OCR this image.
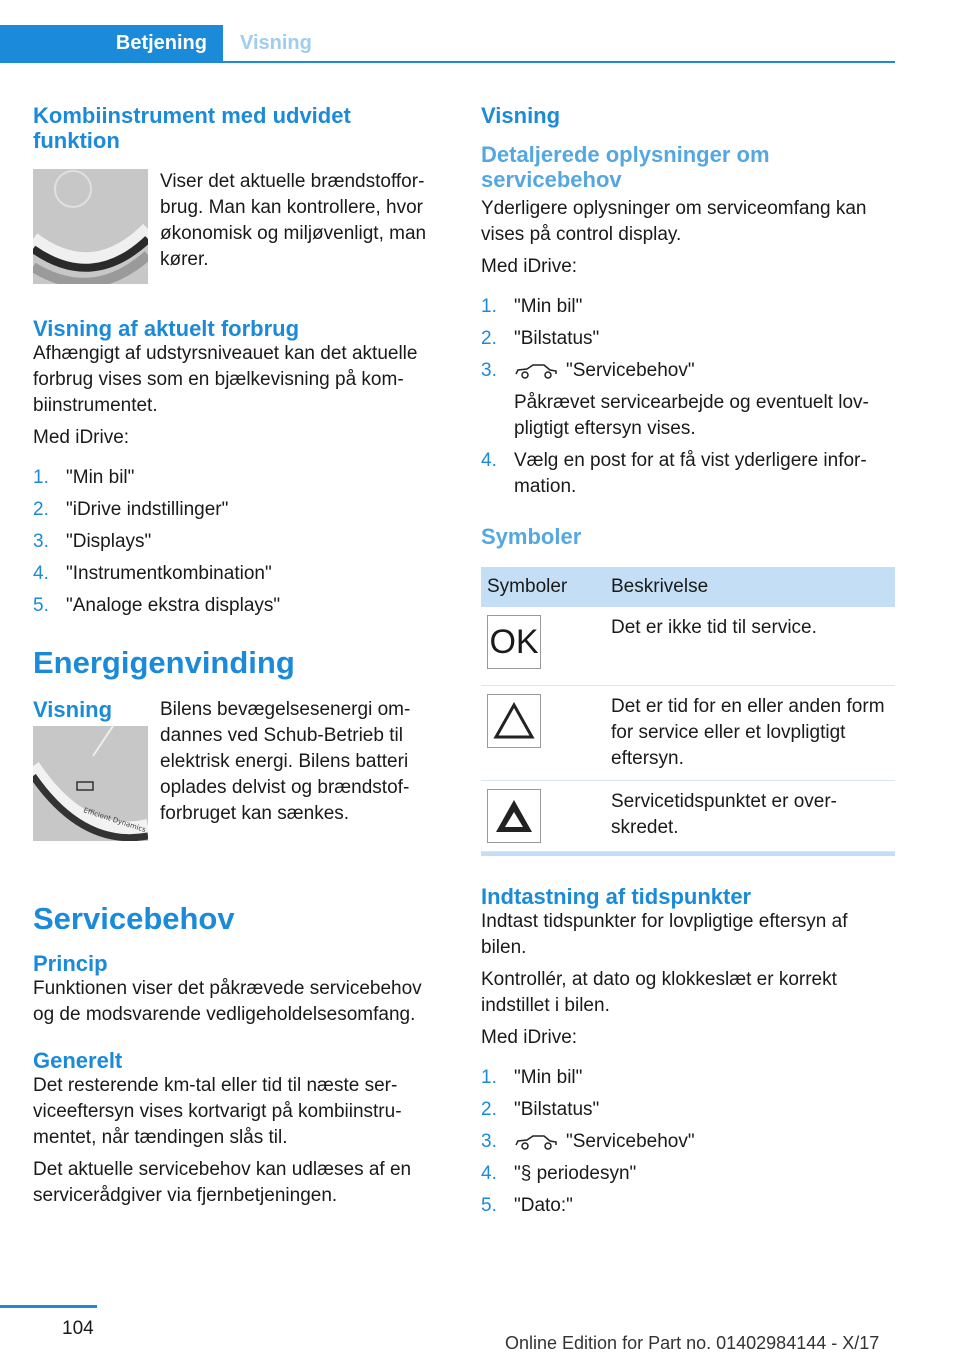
Betjening	Visning
Kombiinstrument med udvidet funktion

Viser det aktuelle brændstofforbrug. Man kan kontrollere, hvor økonomisk og miljøvenligt, man kører.

Visning af aktuelt forbrug

Afhængigt af udstyrsniveauet kan det aktuelle forbrug vises som en bjælkevisning på kombiinstrumentet.

Med iDrive:

1. "Min bil"
2. "iDrive indstillinger"
3. "Displays"
4. "Instrumentkombination"
5. "Analoge ekstra displays"
Energigenvinding
Visning
Efficient Dynamics

Bilens bevægelsesenergi omdannes ved Schub-Betrieb til elektrisk energi. Bilens batteri oplades delvist og brændstofforbruget kan sænkes.

Servicebehov
Princip

Funktionen viser det påkrævede servicebehov og de modsvarende vedligeholdelsesomfang.

Generelt

Det resterende km-tal eller tid til næste serviceeftersyn vises kortvarigt på kombiinstrumentet, når tændingen slås til.

Det aktuelle servicebehov kan udlæses af en servicerådgiver via fjernbetjeningen.

Visning
Detaljerede oplysninger om servicebehov

Yderligere oplysninger om serviceomfang kan vises på control display.

Med iDrive:

1. "Min bil"
2. "Bilstatus"
3.	"Servicebehov"
Påkrævet servicearbejde og eventuelt lovpligtigt eftersyn vises.
4. Vælg en post for at få vist yderligere information.
Symboler
Symboler	Beskrivelse

OK	Det er ikke tid til service.

	Det er tid for en eller anden form for service eller et lovpligtigt eftersyn.

	Servicetidspunktet er overskredet.
Indtastning af tidspunkter

Indtast tidspunkter for lovpligtige eftersyn af bilen.

Kontrollér, at dato og klokkeslæt er korrekt indstillet i bilen.

Med iDrive:

1. "Min bil"
2. "Bilstatus"
3.	"Servicebehov"
4. "§ periodesyn"
5. "Dato:"
104
Online Edition for Part no. 01402984144 - X/17
